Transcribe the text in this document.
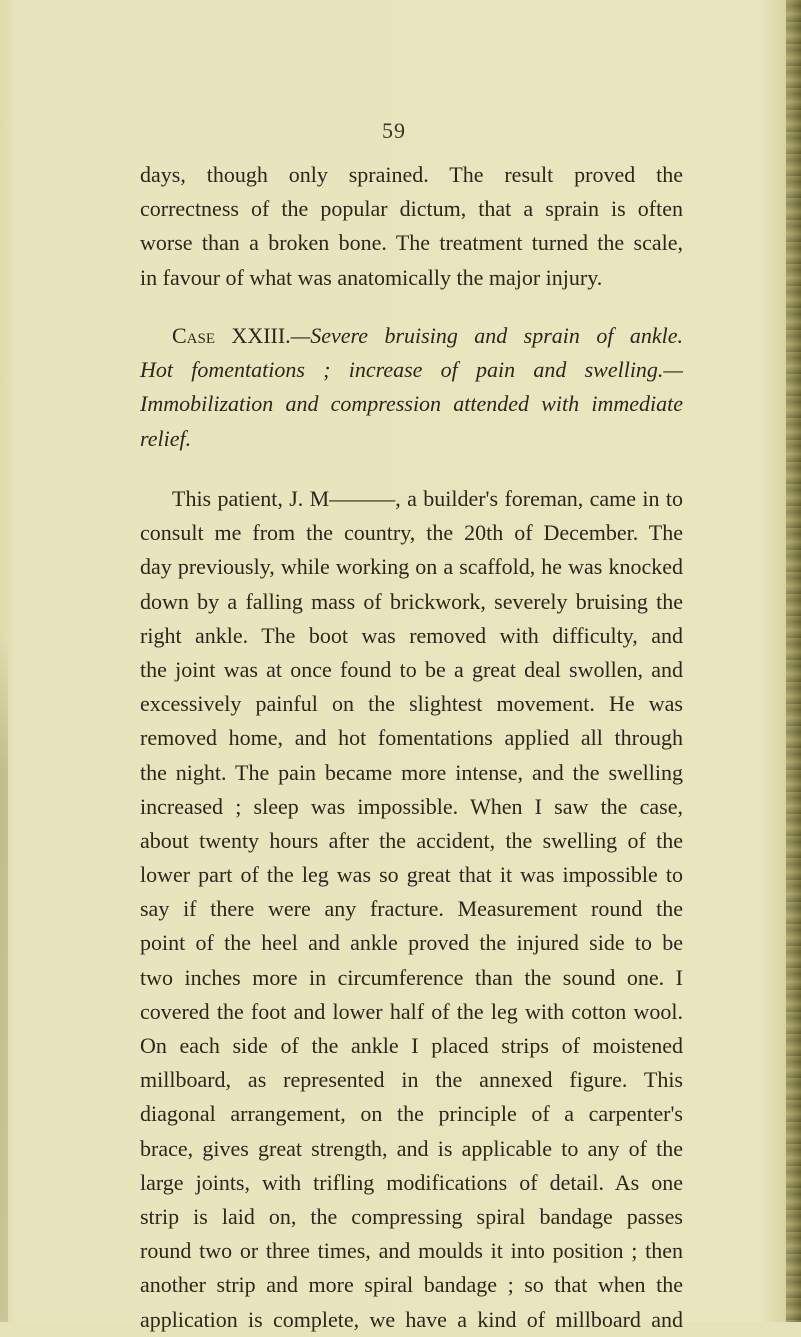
59
days, though only sprained. The result proved the
correctness of the popular dictum, that a sprain is often
worse than a broken bone. The treatment turned the scale,
in favour of what was anatomically the major injury.
Case XXIII.—Severe bruising and sprain of ankle.
Hot fomentations ; increase of pain and swelling.—
Immobilization and compression attended with immediate
relief.
This patient, J. M———, a builder's foreman, came in to
consult me from the country, the 20th of December. The
day previously, while working on a scaffold, he was knocked
down by a falling mass of brickwork, severely bruising the
right ankle. The boot was removed with difficulty, and
the joint was at once found to be a great deal swollen, and
excessively painful on the slightest movement. He was
removed home, and hot fomentations applied all through
the night. The pain became more intense, and the swelling
increased ; sleep was impossible. When I saw the case,
about twenty hours after the accident, the swelling of the
lower part of the leg was so great that it was impossible to
say if there were any fracture. Measurement round the
point of the heel and ankle proved the injured side to be
two inches more in circumference than the sound one. I
covered the foot and lower half of the leg with cotton wool.
On each side of the ankle I placed strips of moistened
millboard, as represented in the annexed figure. This
diagonal arrangement, on the principle of a carpenter's
brace, gives great strength, and is applicable to any of the
large joints, with trifling modifications of detail. As one
strip is laid on, the compressing spiral bandage passes
round two or three times, and moulds it into position ; then
another strip and more spiral bandage ; so that when the
application is complete, we have a kind of millboard and
